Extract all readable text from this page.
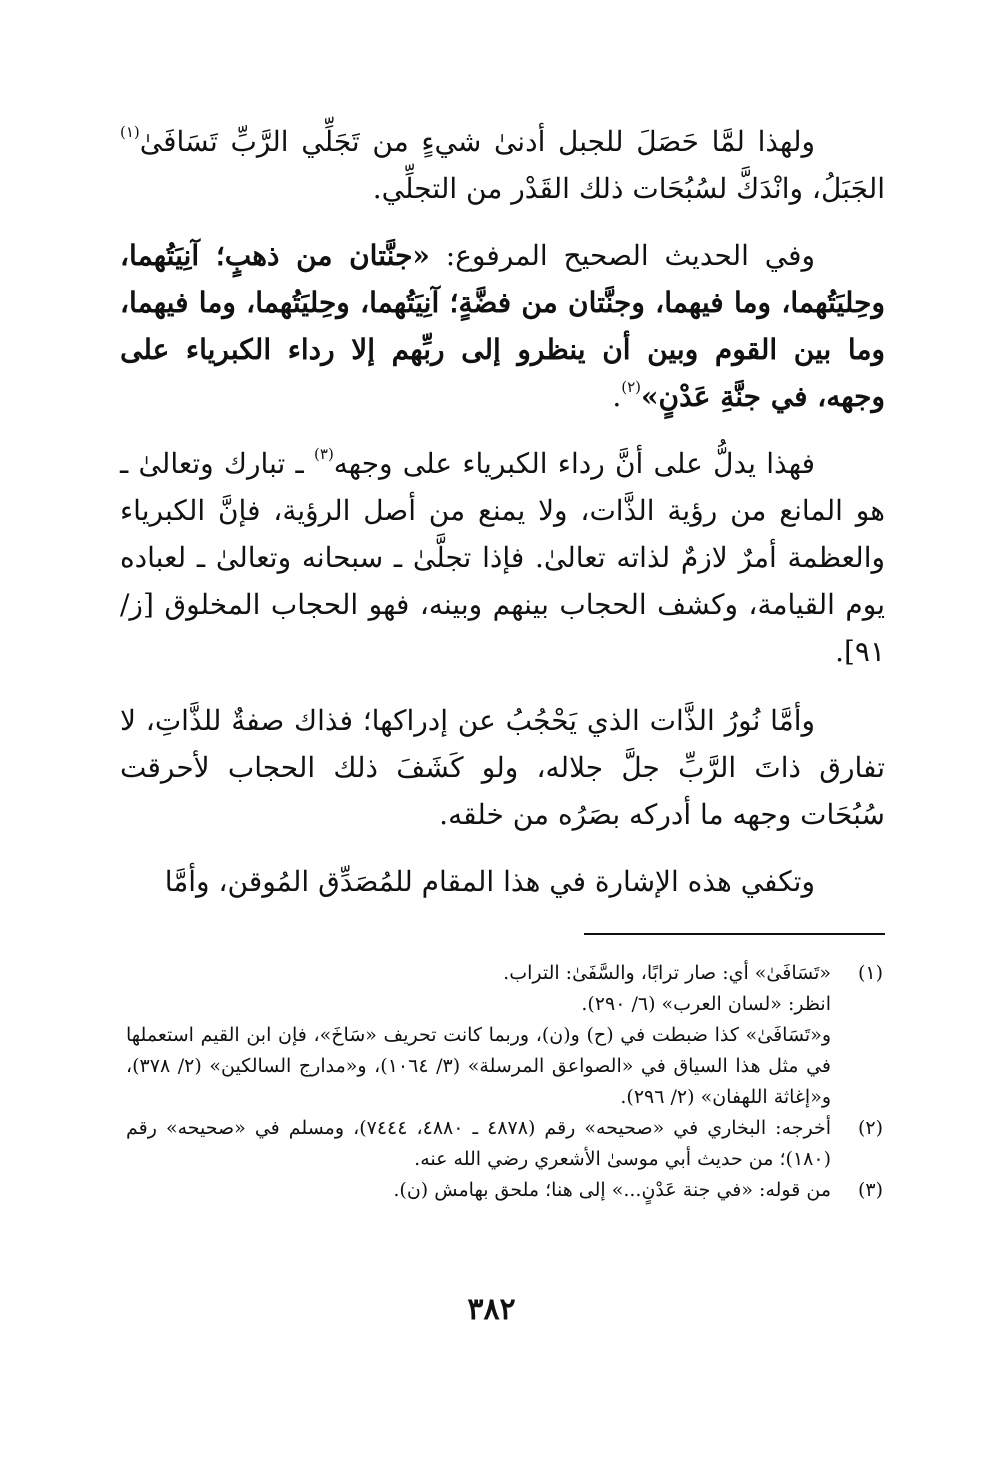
ولهذا لمَّا حَصَلَ للجبل أدنىٰ شيءٍ من تَجَلِّي الرَّبِّ تَسَافَىٰ$^{(١)}$ الجَبَلُ، وانْدَكَّ لسُبُحَات ذلك القَدْر من التجلِّي.

وفي الحديث الصحيح المرفوع: «جنَّتان من ذهبٍ؛ آنِيَتُهما، وحِليَتُهما، وما فيهما، وجنَّتان من فضَّةٍ؛ آنِيَتُهما، وحِليَتُهما، وما فيهما، وما بين القوم وبين أن ينظرو إلى ربِّهم إلا رداء الكبرياء على وجهه، في جنَّةِ عَدْنٍ»$^{(٢)}$.

فهذا يدلُّ على أنَّ رداء الكبرياء على وجهه$^{(٣)}$ ـ تبارك وتعالىٰ ـ هو المانع من رؤية الذَّات، ولا يمنع من أصل الرؤية، فإنَّ الكبرياء والعظمة أمرٌ لازمٌ لذاته تعالىٰ. فإذا تجلَّىٰ ـ سبحانه وتعالىٰ ـ لعباده يوم القيامة، وكشف الحجاب بينهم وبينه، فهو الحجاب المخلوق [ز/٩١].

وأمَّا نُورُ الذَّات الذي يَحْجُبُ عن إدراكها؛ فذاك صفةٌ للذَّاتِ، لا تفارق ذاتَ الرَّبِّ جلَّ جلاله، ولو كَشَفَ ذلك الحجاب لأحرقت سُبُحَات وجهه ما أدركه بصَرُه من خلقه.

وتكفي هذه الإشارة في هذا المقام للمُصَدِّق المُوقن، وأمَّا

(١)
«تَسَافَىٰ» أي: صار ترابًا، والسَّفَىٰ: التراب.
انظر: «لسان العرب» (٦/ ٢٩٠).
و«تَسَافَىٰ» كذا ضبطت في (ح) و(ن)، وربما كانت تحريف «سَاخَ»، فإن ابن القيم استعملها في مثل هذا السياق في «الصواعق المرسلة» (٣/ ١٠٦٤)، و«مدارج السالكين» (٢/ ٣٧٨)، و«إغاثة اللهفان» (٢/ ٢٩٦).
(٢)
أخرجه: البخاري في «صحيحه» رقم (٤٨٧٨ ـ ٤٨٨٠، ٧٤٤٤)، ومسلم في «صحيحه» رقم (١٨٠)؛ من حديث أبي موسىٰ الأشعري رضي الله عنه.
(٣)
من قوله: «في جنة عَدْنٍ...» إلى هنا؛ ملحق بهامش (ن).
٣٨٢
